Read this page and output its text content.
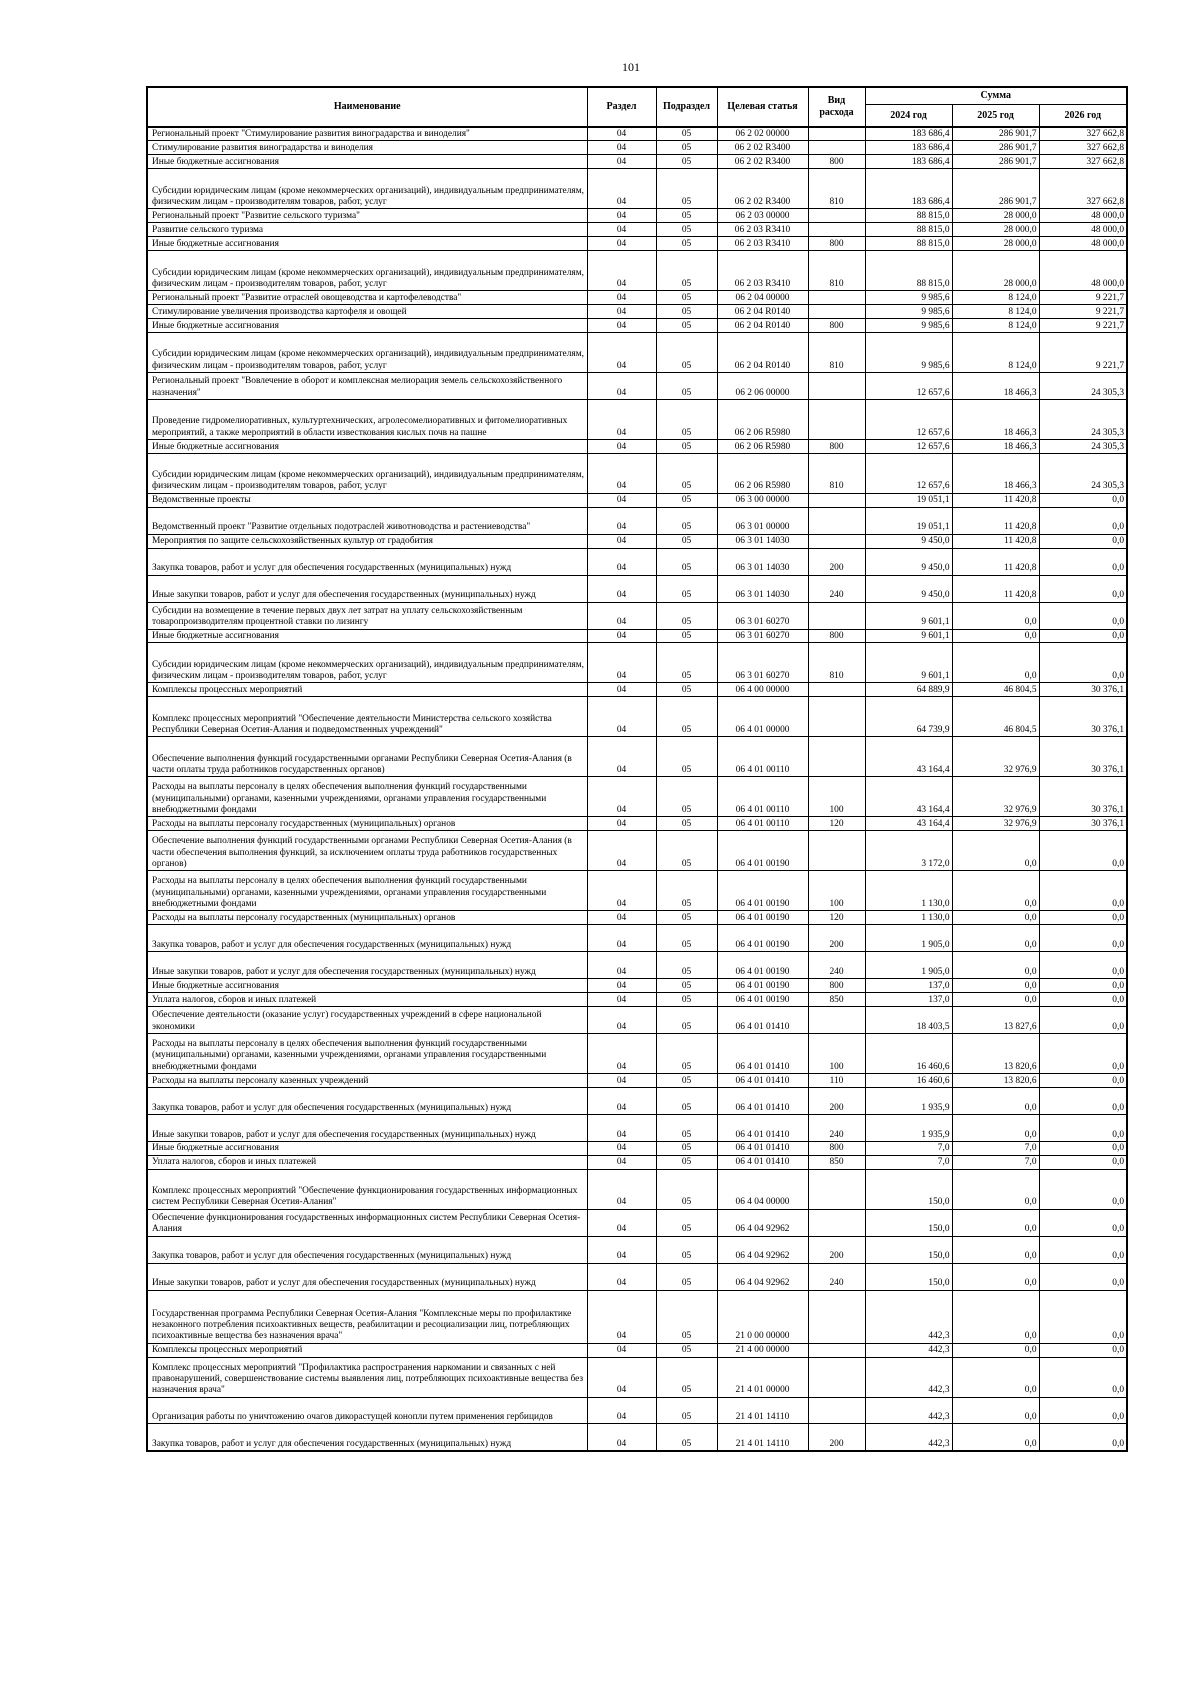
101
Наименование	Раздел	Подраздел	Целевая статья	Вид расхода	Сумма		
					2024 год	2025 год	2026 год
Региональный проект "Стимулирование развития виноградарства и виноделия"	04	05	06 2 02 00000		183 686,4	286 901,7	327 662,8
Стимулирование развития виноградарства и виноделия	04	05	06 2 02 R3400		183 686,4	286 901,7	327 662,8
Иные бюджетные ассигнования	04	05	06 2 02 R3400	800	183 686,4	286 901,7	327 662,8
Субсидии юридическим лицам (кроме некоммерческих организаций), индивидуальным предпринимателям, физическим лицам - производителям товаров, работ, услуг	04	05	06 2 02 R3400	810	183 686,4	286 901,7	327 662,8
Региональный проект "Развитие сельского туризма"	04	05	06 2 03 00000		88 815,0	28 000,0	48 000,0
Развитие сельского туризма	04	05	06 2 03 R3410		88 815,0	28 000,0	48 000,0
Иные бюджетные ассигнования	04	05	06 2 03 R3410	800	88 815,0	28 000,0	48 000,0
Субсидии юридическим лицам (кроме некоммерческих организаций), индивидуальным предпринимателям, физическим лицам - производителям товаров, работ, услуг	04	05	06 2 03 R3410	810	88 815,0	28 000,0	48 000,0
Региональный проект "Развитие отраслей овощеводства и картофелеводства"	04	05	06 2 04 00000		9 985,6	8 124,0	9 221,7
Стимулирование увеличения производства картофеля и овощей	04	05	06 2 04 R0140		9 985,6	8 124,0	9 221,7
Иные бюджетные ассигнования	04	05	06 2 04 R0140	800	9 985,6	8 124,0	9 221,7
Субсидии юридическим лицам (кроме некоммерческих организаций), индивидуальным предпринимателям, физическим лицам - производителям товаров, работ, услуг	04	05	06 2 04 R0140	810	9 985,6	8 124,0	9 221,7
Региональный проект "Вовлечение в оборот и комплексная мелиорация земель сельскохозяйственного назначения"	04	05	06 2 06 00000		12 657,6	18 466,3	24 305,3
Проведение гидромелиоративных, культуртехнических, агролесомелиоративных и фитомелиоративных мероприятий, а также мероприятий в области известкования кислых почв на пашне	04	05	06 2 06 R5980		12 657,6	18 466,3	24 305,3
Иные бюджетные ассигнования	04	05	06 2 06 R5980	800	12 657,6	18 466,3	24 305,3
Субсидии юридическим лицам (кроме некоммерческих организаций), индивидуальным предпринимателям, физическим лицам - производителям товаров, работ, услуг	04	05	06 2 06 R5980	810	12 657,6	18 466,3	24 305,3
Ведомственные проекты	04	05	06 3 00 00000		19 051,1	11 420,8	0,0
Ведомственный проект "Развитие отдельных подотраслей животноводства и растениеводства"	04	05	06 3 01 00000		19 051,1	11 420,8	0,0
Мероприятия по защите сельскохозяйственных культур от градобития	04	05	06 3 01 14030		9 450,0	11 420,8	0,0
Закупка товаров, работ и услуг для обеспечения государственных (муниципальных) нужд	04	05	06 3 01 14030	200	9 450,0	11 420,8	0,0
Иные закупки товаров, работ и услуг для обеспечения государственных (муниципальных) нужд	04	05	06 3 01 14030	240	9 450,0	11 420,8	0,0
Субсидии на возмещение в течение первых двух лет затрат на уплату сельскохозяйственным товаропроизводителям процентной ставки по лизингу	04	05	06 3 01 60270		9 601,1	0,0	0,0
Иные бюджетные ассигнования	04	05	06 3 01 60270	800	9 601,1	0,0	0,0
Субсидии юридическим лицам (кроме некоммерческих организаций), индивидуальным предпринимателям, физическим лицам - производителям товаров, работ, услуг	04	05	06 3 01 60270	810	9 601,1	0,0	0,0
Комплексы процессных мероприятий	04	05	06 4 00 00000		64 889,9	46 804,5	30 376,1
Комплекс процессных мероприятий "Обеспечение деятельности Министерства сельского хозяйства Республики Северная Осетия-Алания и подведомственных учреждений"	04	05	06 4 01 00000		64 739,9	46 804,5	30 376,1
Обеспечение выполнения функций государственными органами Республики Северная Осетия-Алания (в части оплаты труда работников государственных органов)	04	05	06 4 01 00110		43 164,4	32 976,9	30 376,1
Расходы на выплаты персоналу в целях обеспечения выполнения функций государственными (муниципальными) органами, казенными учреждениями, органами управления государственными внебюджетными фондами	04	05	06 4 01 00110	100	43 164,4	32 976,9	30 376,1
Расходы на выплаты персоналу государственных (муниципальных) органов	04	05	06 4 01 00110	120	43 164,4	32 976,9	30 376,1
Обеспечение выполнения функций государственными органами Республики Северная Осетия-Алания (в части обеспечения выполнения функций, за исключением оплаты труда работников государственных органов)	04	05	06 4 01 00190		3 172,0	0,0	0,0
Расходы на выплаты персоналу в целях обеспечения выполнения функций государственными (муниципальными) органами, казенными учреждениями, органами управления государственными внебюджетными фондами	04	05	06 4 01 00190	100	1 130,0	0,0	0,0
Расходы на выплаты персоналу государственных (муниципальных) органов	04	05	06 4 01 00190	120	1 130,0	0,0	0,0
Закупка товаров, работ и услуг для обеспечения государственных (муниципальных) нужд	04	05	06 4 01 00190	200	1 905,0	0,0	0,0
Иные закупки товаров, работ и услуг для обеспечения государственных (муниципальных) нужд	04	05	06 4 01 00190	240	1 905,0	0,0	0,0
Иные бюджетные ассигнования	04	05	06 4 01 00190	800	137,0	0,0	0,0
Уплата налогов, сборов и иных платежей	04	05	06 4 01 00190	850	137,0	0,0	0,0
Обеспечение деятельности (оказание услуг) государственных учреждений в сфере национальной экономики	04	05	06 4 01 01410		18 403,5	13 827,6	0,0
Расходы на выплаты персоналу в целях обеспечения выполнения функций государственными (муниципальными) органами, казенными учреждениями, органами управления государственными внебюджетными фондами	04	05	06 4 01 01410	100	16 460,6	13 820,6	0,0
Расходы на выплаты персоналу казенных учреждений	04	05	06 4 01 01410	110	16 460,6	13 820,6	0,0
Закупка товаров, работ и услуг для обеспечения государственных (муниципальных) нужд	04	05	06 4 01 01410	200	1 935,9	0,0	0,0
Иные закупки товаров, работ и услуг для обеспечения государственных (муниципальных) нужд	04	05	06 4 01 01410	240	1 935,9	0,0	0,0
Иные бюджетные ассигнования	04	05	06 4 01 01410	800	7,0	7,0	0,0
Уплата налогов, сборов и иных платежей	04	05	06 4 01 01410	850	7,0	7,0	0,0
Комплекс процессных мероприятий "Обеспечение функционирования государственных информационных систем Республики Северная Осетия-Алания"	04	05	06 4 04 00000		150,0	0,0	0,0
Обеспечение функционирования государственных информационных систем Республики Северная Осетия-Алания	04	05	06 4 04 92962		150,0	0,0	0,0
Закупка товаров, работ и услуг для обеспечения государственных (муниципальных) нужд	04	05	06 4 04 92962	200	150,0	0,0	0,0
Иные закупки товаров, работ и услуг для обеспечения государственных (муниципальных) нужд	04	05	06 4 04 92962	240	150,0	0,0	0,0
Государственная программа Республики Северная Осетия-Алания "Комплексные меры по профилактике незаконного потребления психоактивных веществ, реабилитации и ресоциализации лиц, потребляющих психоактивные вещества без назначения врача"	04	05	21 0 00 00000		442,3	0,0	0,0
Комплексы процессных мероприятий	04	05	21 4 00 00000		442,3	0,0	0,0
Комплекс процессных мероприятий "Профилактика распространения наркомании и связанных с ней правонарушений, совершенствование системы выявления лиц, потребляющих психоактивные вещества без назначения врача"	04	05	21 4 01 00000		442,3	0,0	0,0
Организация работы по уничтожению очагов дикорастущей конопли путем применения гербицидов	04	05	21 4 01 14110		442,3	0,0	0,0
Закупка товаров, работ и услуг для обеспечения государственных (муниципальных) нужд	04	05	21 4 01 14110	200	442,3	0,0	0,0
